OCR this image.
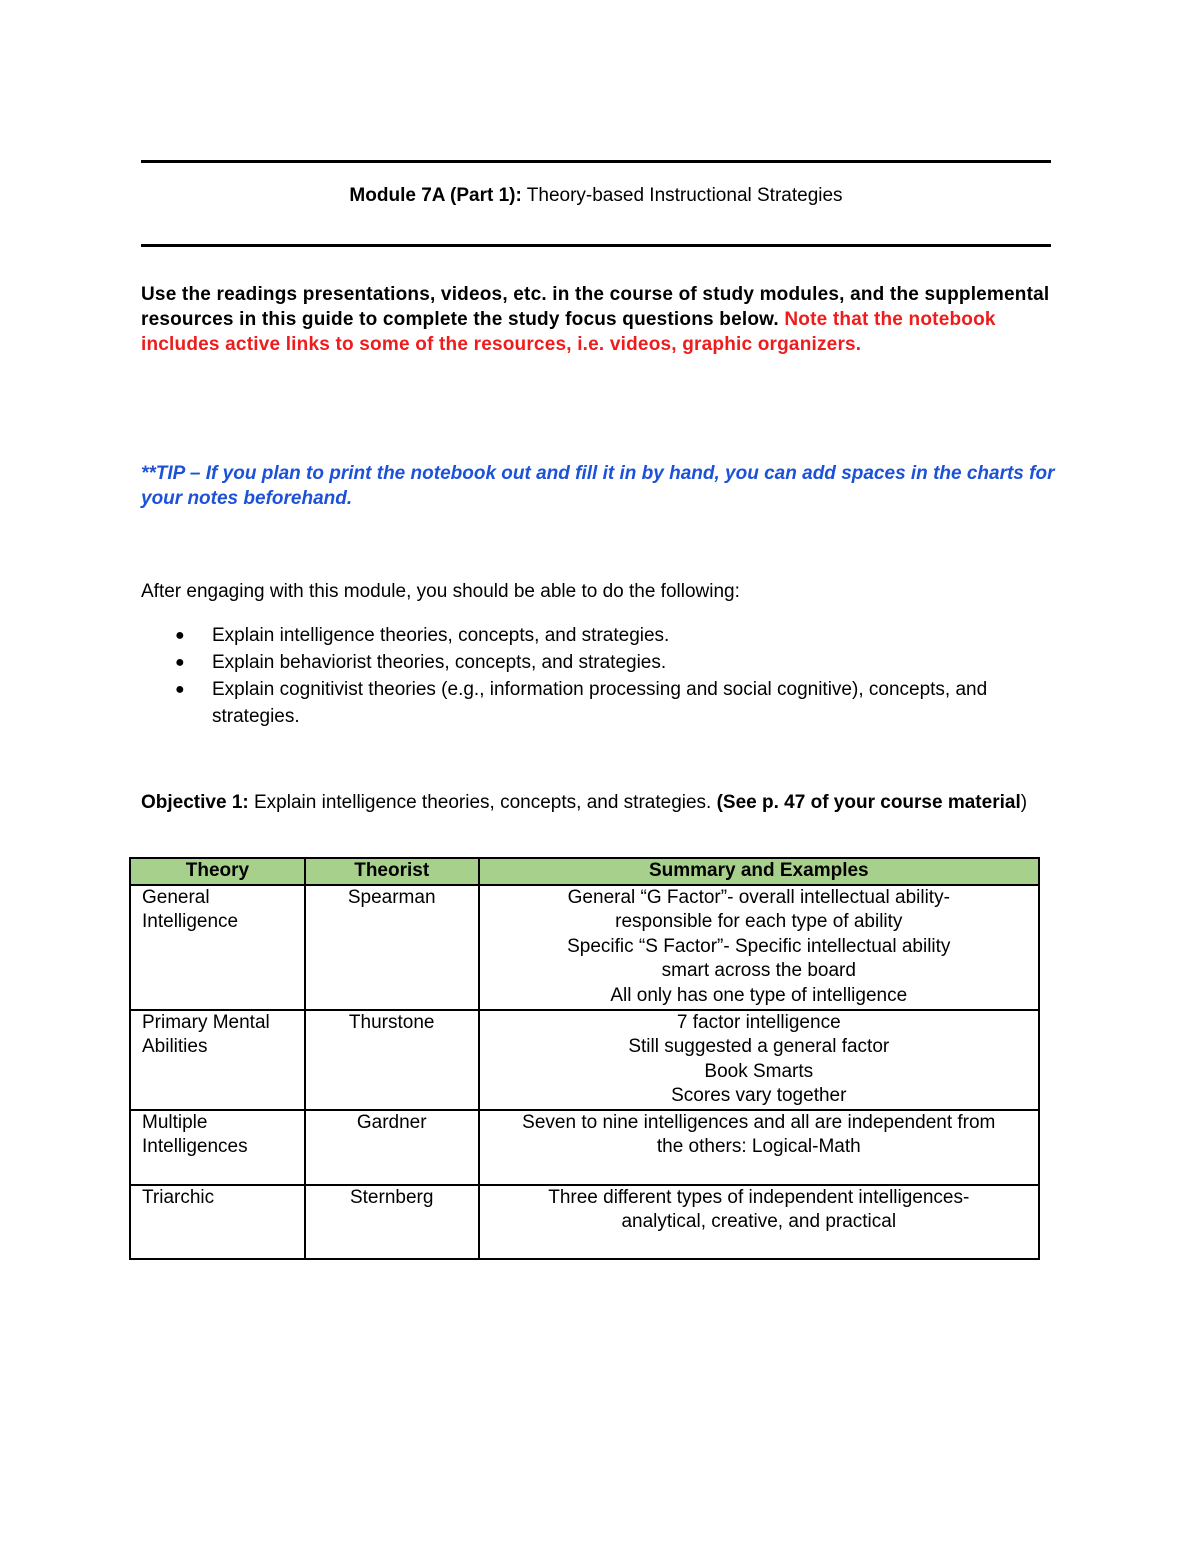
Module 7A (Part 1): Theory-based Instructional Strategies
Use the readings presentations, videos, etc. in the course of study modules, and the supplemental resources in this guide to complete the study focus questions below. Note that the notebook includes active links to some of the resources, i.e. videos, graphic organizers.
**TIP – If you plan to print the notebook out and fill it in by hand, you can add spaces in the charts for your notes beforehand.
After engaging with this module, you should be able to do the following:
● Explain intelligence theories, concepts, and strategies.
● Explain behaviorist theories, concepts, and strategies.
● Explain cognitivist theories (e.g., information processing and social cognitive), concepts, and strategies.
Objective 1: Explain intelligence theories, concepts, and strategies. (See p. 47 of your course material)
Theory	Theorist	Summary and Examples

General
Intelligence	Spearman	General “G Factor”- overall intellectual ability-
responsible for each type of ability
Specific “S Factor”- Specific intellectual ability
smart across the board
All only has one type of intelligence

Primary Mental
Abilities	Thurstone	7 factor intelligence
Still suggested a general factor
Book Smarts
Scores vary together

Multiple
Intelligences	Gardner	Seven to nine intelligences and all are independent from
the others: Logical-Math

Triarchic	Sternberg	Three different types of independent intelligences-
analytical, creative, and practical
